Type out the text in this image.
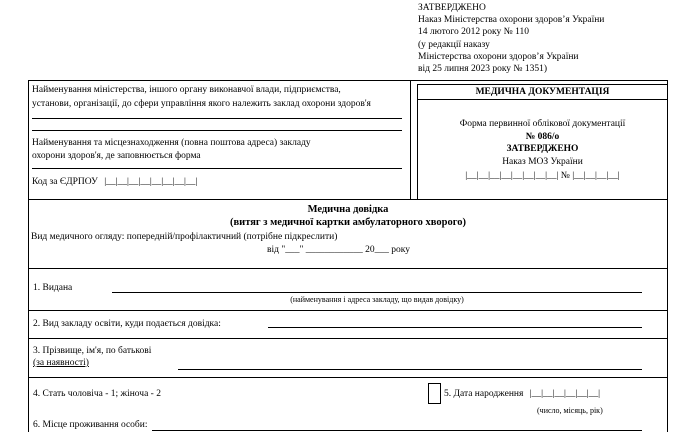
ЗАТВЕРДЖЕНО
Наказ Міністерства охорони здоров’я України
14 лютого 2012 року № 110
(у редакції наказу
Міністерства охорони здоров’я України
від 25 липня 2023 року № 1351)
Найменування міністерства, іншого органу виконавчої влади, підприємства,
установи, організації, до сфери управління якого належить заклад охорони здоров'я
Найменування та місцезнаходження (повна поштова адреса) закладу
охорони здоров'я, де заповнюється форма
Код за ЄДРПОУ |__|__|__|__|__|__|__|__|
МЕДИЧНА ДОКУМЕНТАЦІЯ
Форма первинної облікової документації
№ 086/о
ЗАТВЕРДЖЕНО
Наказ МОЗ України
|__|__|__|__|__|__|__|__| № |__|__|__|__|
Медична довідка
(витяг з медичної картки амбулаторного хворого)
Вид медичного огляду: попередній/профілактичний (потрібне підкреслити)
від "___" ____________ 20___ року
1. Видана
(найменування і адреса закладу, що видав довідку)
2. Вид закладу освіти, куди подається довідка:
3. Прізвище, ім'я, по батькові
(за наявності)
4. Стать чоловіча - 1; жіноча - 2	5. Дата народження |__|__|__|__|__|__|
(число, місяць, рік)
6. Місце проживання особи:
